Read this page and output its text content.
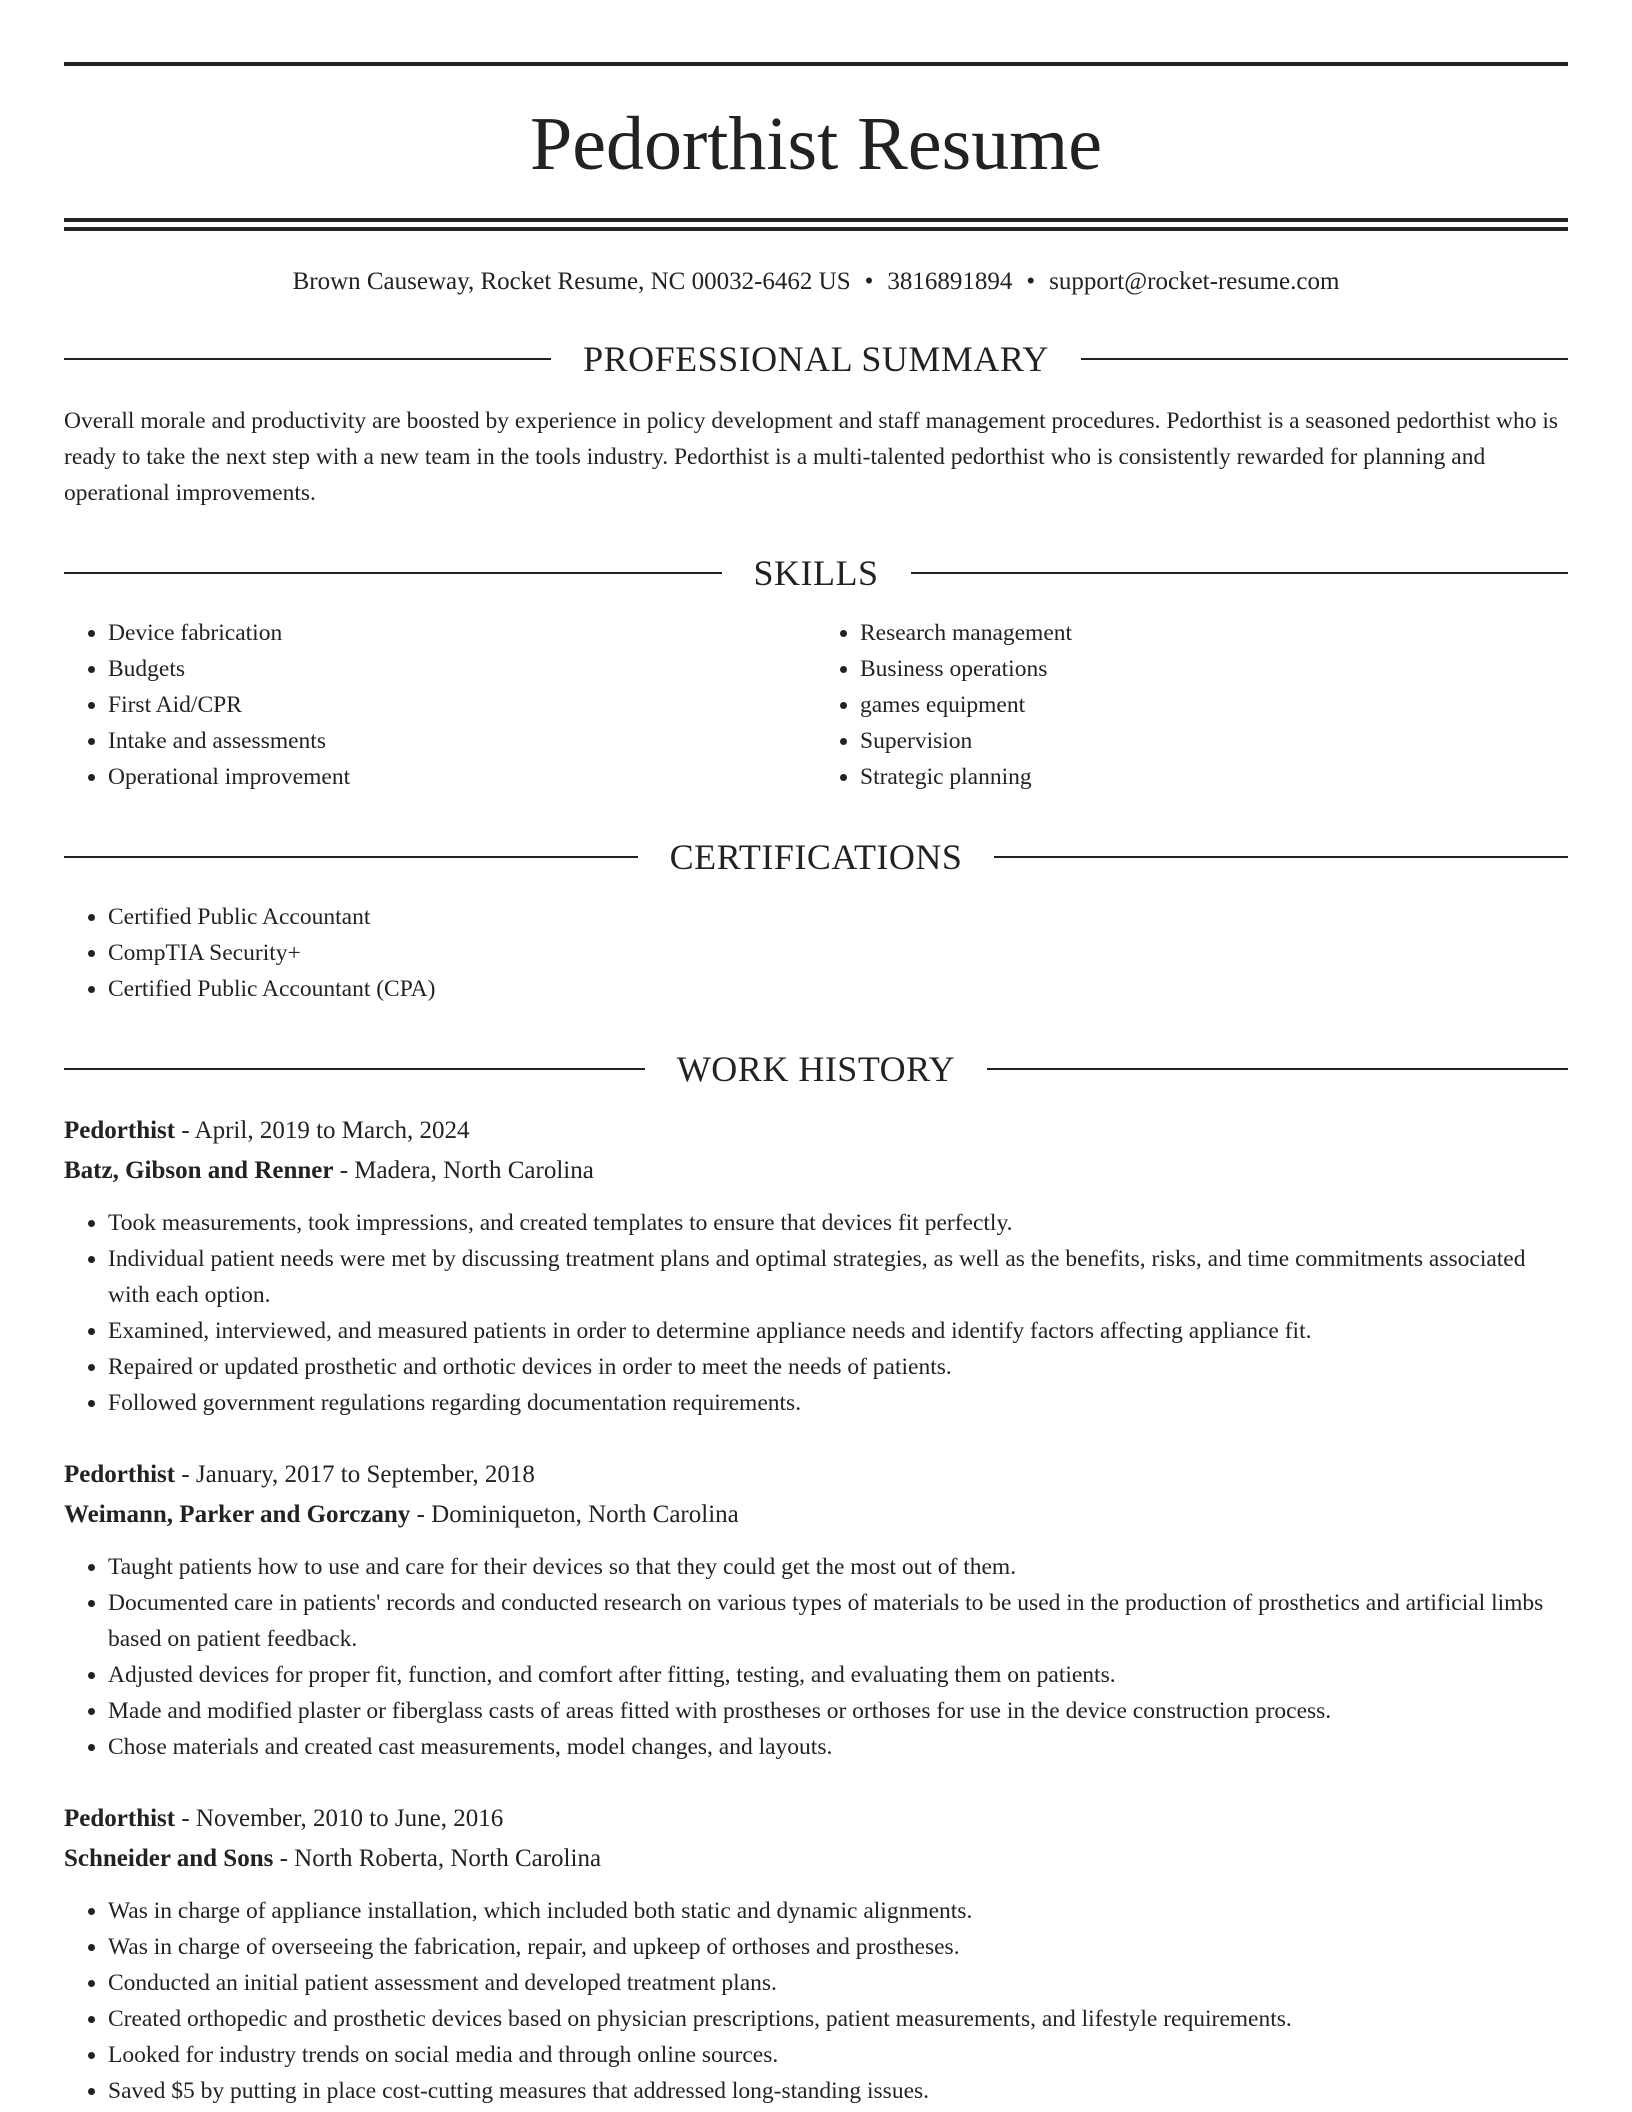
Pedorthist Resume
Brown Causeway, Rocket Resume, NC 00032-6462 US • 3816891894 • support@rocket-resume.com
PROFESSIONAL SUMMARY

Overall morale and productivity are boosted by experience in policy development and staff management procedures. Pedorthist is a seasoned pedorthist who is ready to take the next step with a new team in the tools industry. Pedorthist is a multi-talented pedorthist who is consistently rewarded for planning and operational improvements.

SKILLS
• Device fabrication
• Budgets
• First Aid/CPR
• Intake and assessments
• Operational improvement
• Research management
• Business operations
• games equipment
• Supervision
• Strategic planning
CERTIFICATIONS
• Certified Public Accountant
• CompTIA Security+
• Certified Public Accountant (CPA)
WORK HISTORY
Pedorthist - April, 2019 to March, 2024
Batz, Gibson and Renner - Madera, North Carolina
• Took measurements, took impressions, and created templates to ensure that devices fit perfectly.
• Individual patient needs were met by discussing treatment plans and optimal strategies, as well as the benefits, risks, and time commitments associated with each option.
• Examined, interviewed, and measured patients in order to determine appliance needs and identify factors affecting appliance fit.
• Repaired or updated prosthetic and orthotic devices in order to meet the needs of patients.
• Followed government regulations regarding documentation requirements.
Pedorthist - January, 2017 to September, 2018
Weimann, Parker and Gorczany - Dominiqueton, North Carolina
• Taught patients how to use and care for their devices so that they could get the most out of them.
• Documented care in patients' records and conducted research on various types of materials to be used in the production of prosthetics and artificial limbs based on patient feedback.
• Adjusted devices for proper fit, function, and comfort after fitting, testing, and evaluating them on patients.
• Made and modified plaster or fiberglass casts of areas fitted with prostheses or orthoses for use in the device construction process.
• Chose materials and created cast measurements, model changes, and layouts.
Pedorthist - November, 2010 to June, 2016
Schneider and Sons - North Roberta, North Carolina
• Was in charge of appliance installation, which included both static and dynamic alignments.
• Was in charge of overseeing the fabrication, repair, and upkeep of orthoses and prostheses.
• Conducted an initial patient assessment and developed treatment plans.
• Created orthopedic and prosthetic devices based on physician prescriptions, patient measurements, and lifestyle requirements.
• Looked for industry trends on social media and through online sources.
• Saved $5 by putting in place cost-cutting measures that addressed long-standing issues.
